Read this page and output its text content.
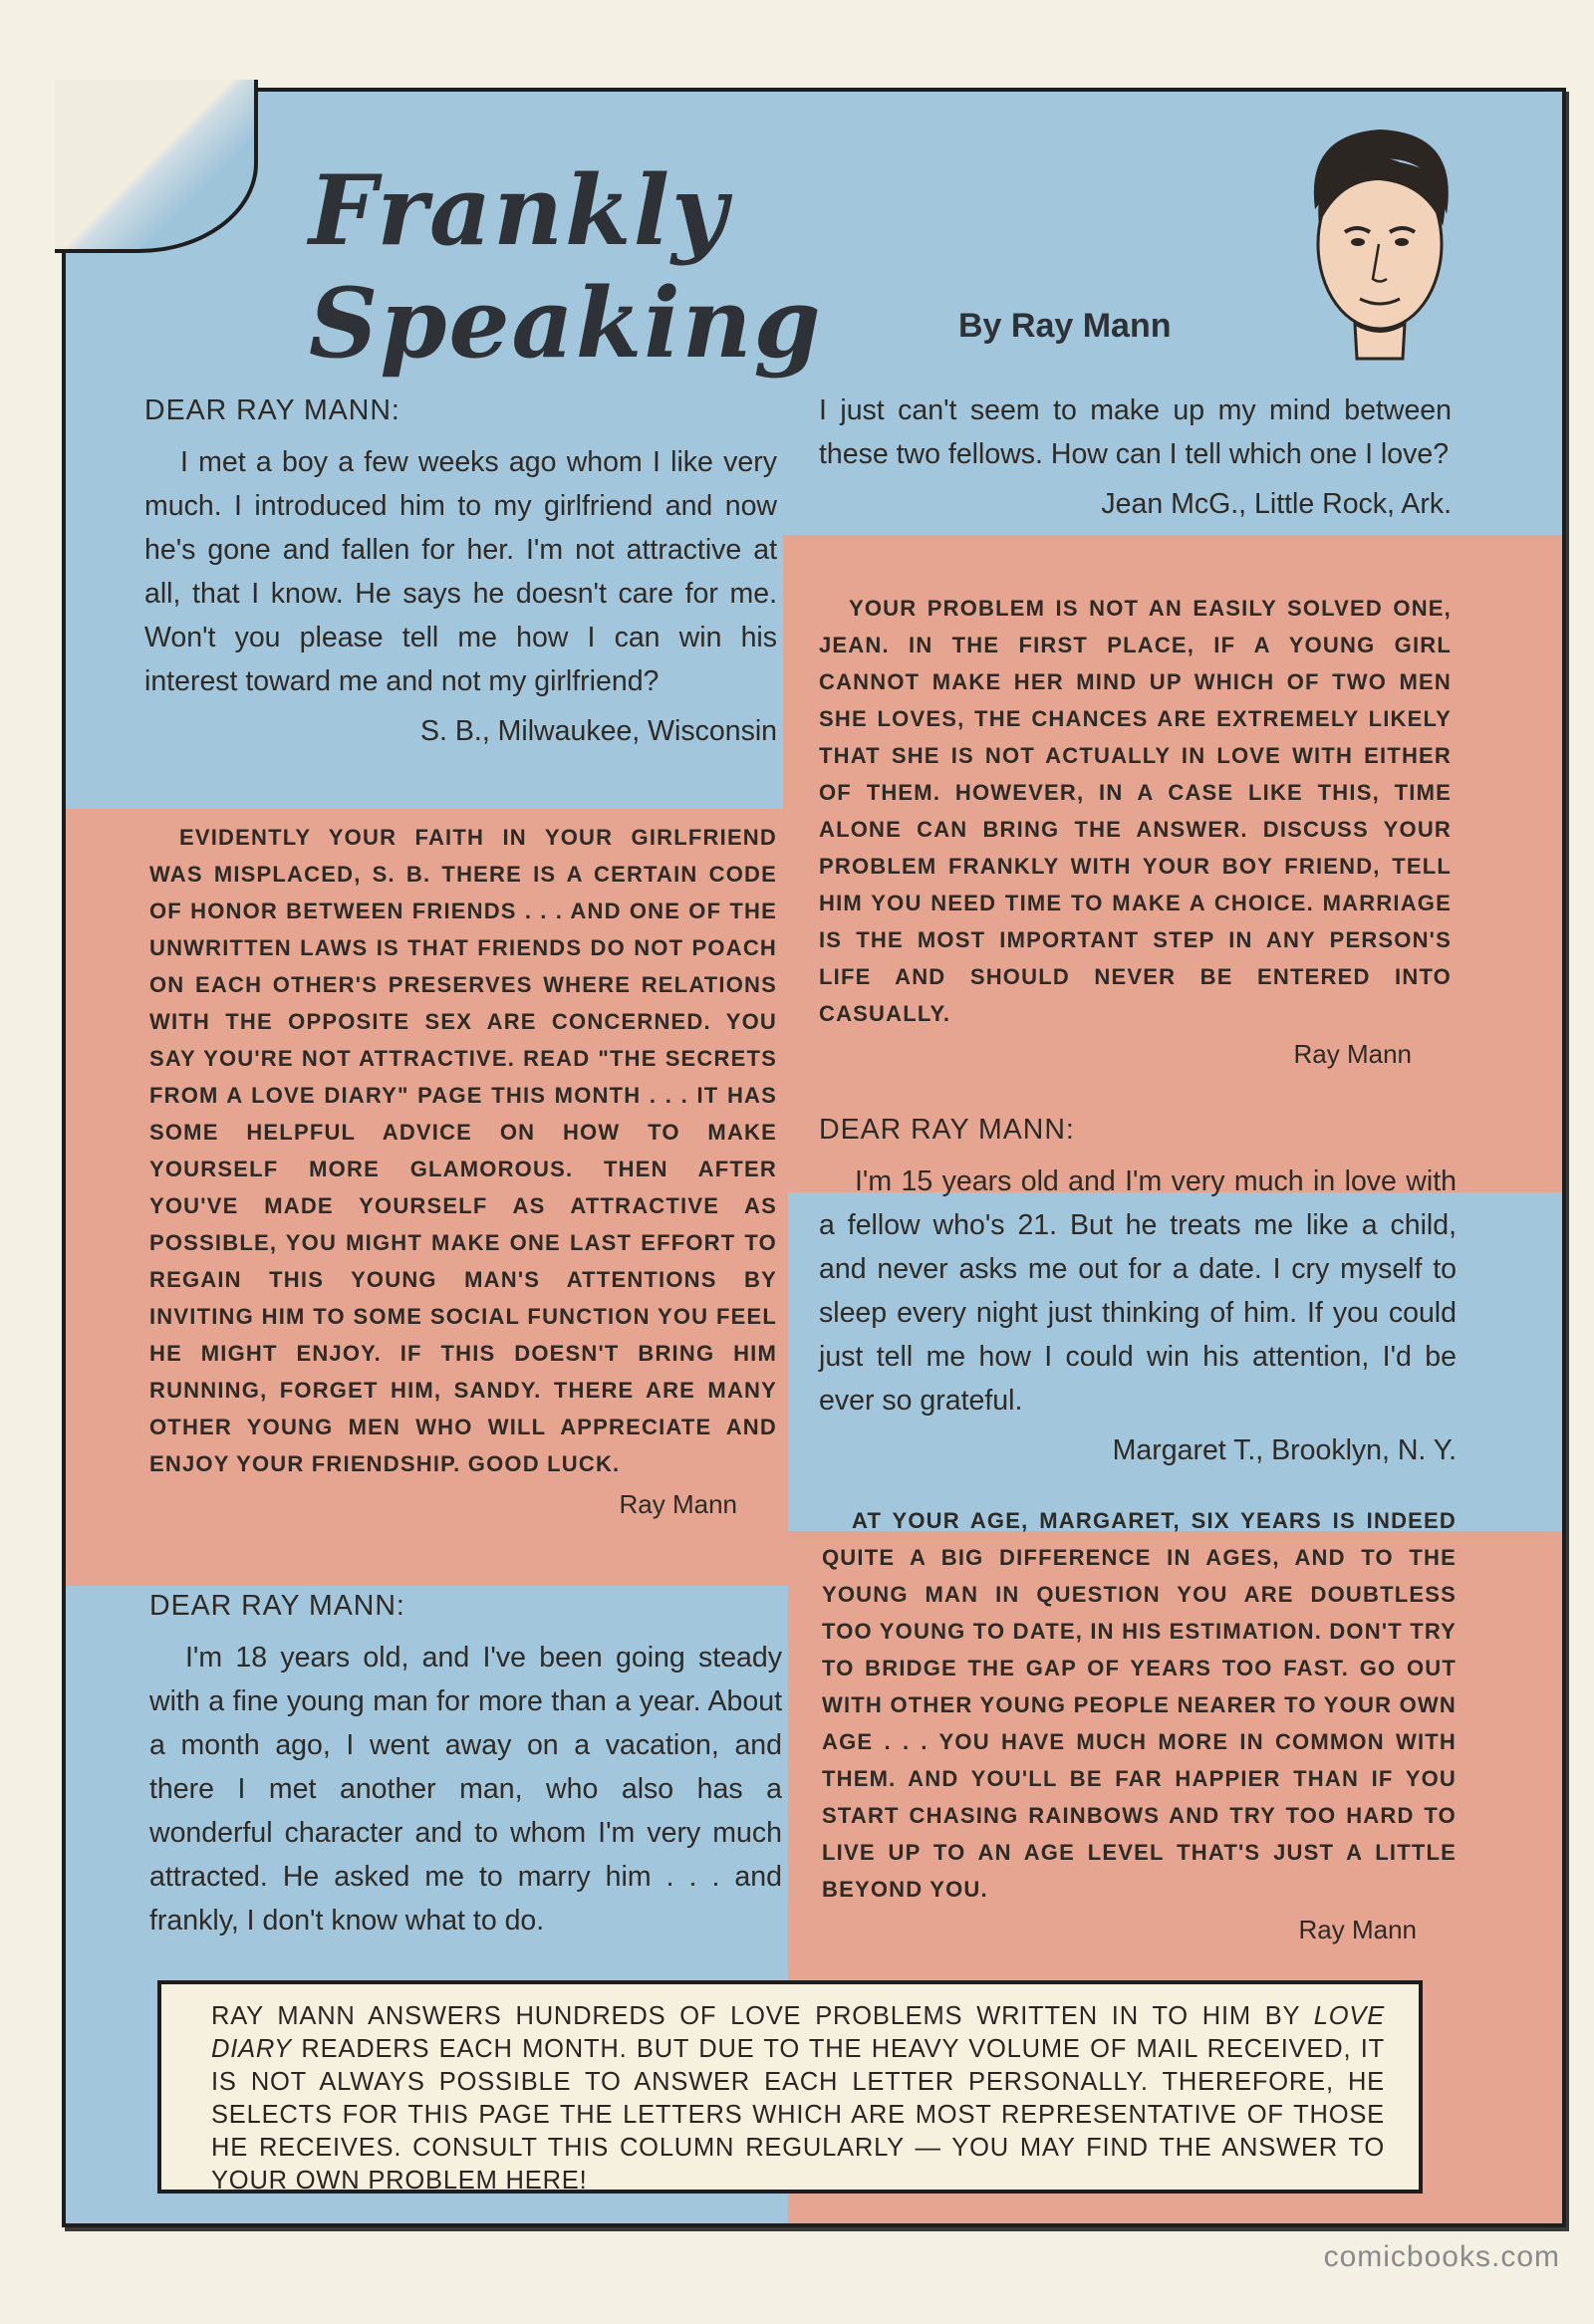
Frankly Speaking	By Ray Mann
DEAR RAY MANN:
I met a boy a few weeks ago whom I like very much. I introduced him to my girlfriend and now he's gone and fallen for her. I'm not attractive at all, that I know. He says he doesn't care for me. Won't you please tell me how I can win his interest toward me and not my girlfriend?
S. B., Milwaukee, Wisconsin
EVIDENTLY YOUR FAITH IN YOUR GIRLFRIEND WAS MISPLACED, S. B. THERE IS A CERTAIN CODE OF HONOR BETWEEN FRIENDS . . . AND ONE OF THE UNWRITTEN LAWS IS THAT FRIENDS DO NOT POACH ON EACH OTHER'S PRESERVES WHERE RELATIONS WITH THE OPPOSITE SEX ARE CONCERNED. YOU SAY YOU'RE NOT ATTRACTIVE. READ "THE SECRETS FROM A LOVE DIARY" PAGE THIS MONTH . . . IT HAS SOME HELPFUL ADVICE ON HOW TO MAKE YOURSELF MORE GLAMOROUS. THEN AFTER YOU'VE MADE YOURSELF AS ATTRACTIVE AS POSSIBLE, YOU MIGHT MAKE ONE LAST EFFORT TO REGAIN THIS YOUNG MAN'S ATTENTIONS BY INVITING HIM TO SOME SOCIAL FUNCTION YOU FEEL HE MIGHT ENJOY. IF THIS DOESN'T BRING HIM RUNNING, FORGET HIM, SANDY. THERE ARE MANY OTHER YOUNG MEN WHO WILL APPRECIATE AND ENJOY YOUR FRIENDSHIP. GOOD LUCK.
Ray Mann
DEAR RAY MANN:
I'm 18 years old, and I've been going steady with a fine young man for more than a year. About a month ago, I went away on a vacation, and there I met another man, who also has a wonderful character and to whom I'm very much attracted. He asked me to marry him . . . and frankly, I don't know what to do.
I just can't seem to make up my mind between these two fellows. How can I tell which one I love?
Jean McG., Little Rock, Ark.
YOUR PROBLEM IS NOT AN EASILY SOLVED ONE, JEAN. IN THE FIRST PLACE, IF A YOUNG GIRL CANNOT MAKE HER MIND UP WHICH OF TWO MEN SHE LOVES, THE CHANCES ARE EXTREMELY LIKELY THAT SHE IS NOT ACTUALLY IN LOVE WITH EITHER OF THEM. HOWEVER, IN A CASE LIKE THIS, TIME ALONE CAN BRING THE ANSWER. DISCUSS YOUR PROBLEM FRANKLY WITH YOUR BOY FRIEND, TELL HIM YOU NEED TIME TO MAKE A CHOICE. MARRIAGE IS THE MOST IMPORTANT STEP IN ANY PERSON'S LIFE AND SHOULD NEVER BE ENTERED INTO CASUALLY.
Ray Mann
DEAR RAY MANN:
I'm 15 years old and I'm very much in love with a fellow who's 21. But he treats me like a child, and never asks me out for a date. I cry myself to sleep every night just thinking of him. If you could just tell me how I could win his attention, I'd be ever so grateful.
Margaret T., Brooklyn, N. Y.
AT YOUR AGE, MARGARET, SIX YEARS IS INDEED QUITE A BIG DIFFERENCE IN AGES, AND TO THE YOUNG MAN IN QUESTION YOU ARE DOUBTLESS TOO YOUNG TO DATE, IN HIS ESTIMATION. DON'T TRY TO BRIDGE THE GAP OF YEARS TOO FAST. GO OUT WITH OTHER YOUNG PEOPLE NEARER TO YOUR OWN AGE . . . YOU HAVE MUCH MORE IN COMMON WITH THEM. AND YOU'LL BE FAR HAPPIER THAN IF YOU START CHASING RAINBOWS AND TRY TOO HARD TO LIVE UP TO AN AGE LEVEL THAT'S JUST A LITTLE BEYOND YOU.
Ray Mann
RAY MANN ANSWERS HUNDREDS OF LOVE PROBLEMS WRITTEN IN TO HIM BY LOVE DIARY READERS EACH MONTH. BUT DUE TO THE HEAVY VOLUME OF MAIL RECEIVED, IT IS NOT ALWAYS POSSIBLE TO ANSWER EACH LETTER PERSONALLY. THEREFORE, HE SELECTS FOR THIS PAGE THE LETTERS WHICH ARE MOST REPRESENTATIVE OF THOSE HE RECEIVES. CONSULT THIS COLUMN REGULARLY — YOU MAY FIND THE ANSWER TO YOUR OWN PROBLEM HERE!
comicbooks.com
